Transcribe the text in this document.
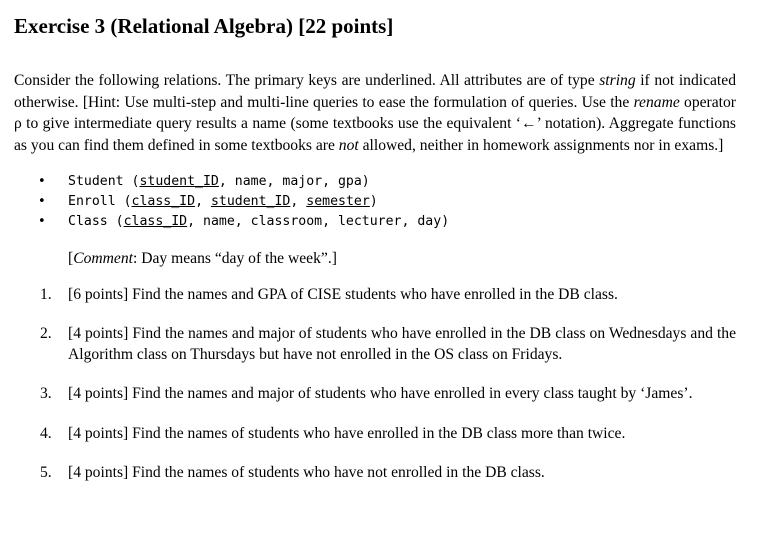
Exercise 3 (Relational Algebra) [22 points]

Consider the following relations. The primary keys are underlined. All attributes are of type string if not indicated otherwise. [Hint: Use multi-step and multi-line queries to ease the formulation of queries. Use the rename operator ρ to give intermediate query results a name (some textbooks use the equivalent ‘←’ notation). Aggregate functions as you can find them defined in some textbooks are not allowed, neither in homework assignments nor in exams.]

• Student (student_ID, name, major, gpa)
• Enroll (class_ID, student_ID, semester)
• Class (class_ID, name, classroom, lecturer, day)
[Comment: Day means “day of the week”.]
1. [6 points] Find the names and GPA of CISE students who have enrolled in the DB class.
2. [4 points] Find the names and major of students who have enrolled in the DB class on Wednesdays and the Algorithm class on Thursdays but have not enrolled in the OS class on Fridays.
3. [4 points] Find the names and major of students who have enrolled in every class taught by ‘James’.
4. [4 points] Find the names of students who have enrolled in the DB class more than twice.
5. [4 points] Find the names of students who have not enrolled in the DB class.
